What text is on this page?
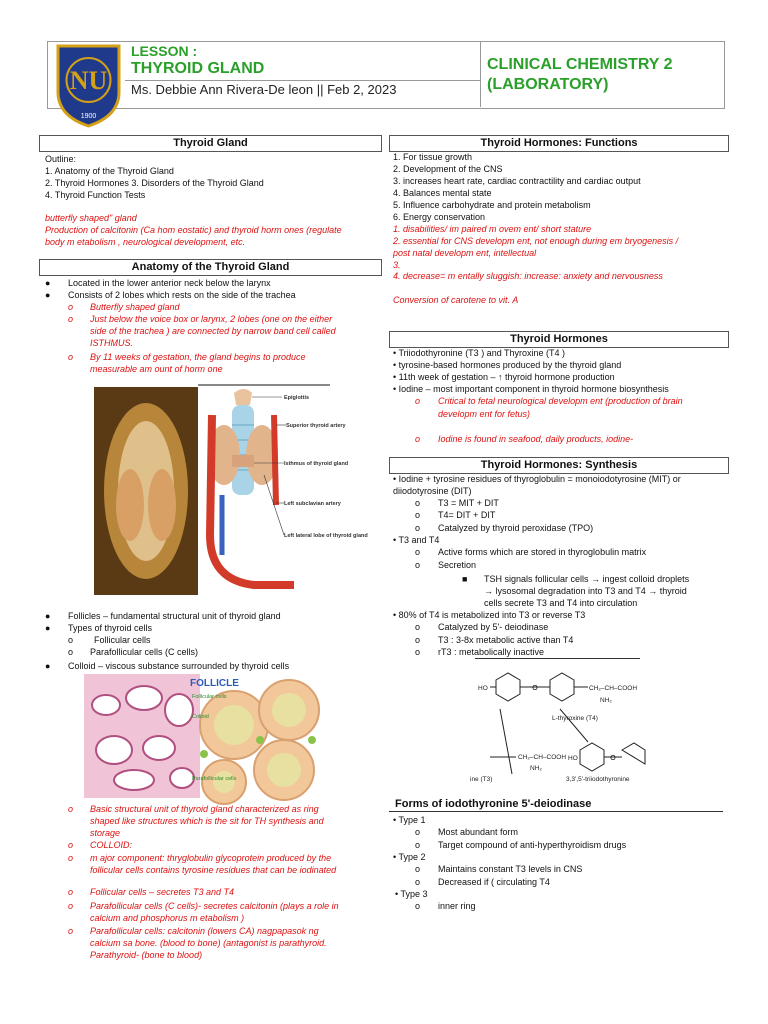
NU
1900
LESSON :
THYROID GLAND
Ms. Debbie Ann Rivera-De leon || Feb 2, 2023
CLINICAL CHEMISTRY 2
(LABORATORY)
Thyroid Gland
Outline:
1. Anatomy of the Thyroid Gland
2. Thyroid Hormones 3. Disorders of the Thyroid Gland
4. Thyroid Function Tests
butterfly shaped" gland
Production of calcitonin (Ca hom eostatic) and thyroid horm ones (regulate
body m etabolism , neurological development, etc.
Anatomy of the Thyroid Gland
● Located in the lower anterior neck below the larynx
● Consists of 2 lobes which rests on the side of the trachea
o Butterfly shaped gland
o Just below the voice box or larynx, 2 lobes (one on the either
side of the trachea ) are connected by narrow band cell called
ISTHMUS.
o By 11 weeks of gestation, the gland begins to produce
measurable am ount of horm one
Epiglottis
Superior thyroid artery
Isthmus of thyroid gland
Left subclavian artery
Left lateral lobe of thyroid gland
● Follicles – fundamental structural unit of thyroid gland
● Types of thyroid cells
o Follicular cells
o Parafollicular cells (C cells)
● Colloid – viscous substance surrounded by thyroid cells
FOLLICLE
Follicular cells
Colloid
Parafollicular cells
o Basic structural unit of thyroid gland characterized as ring
shaped like structures which is the sit for TH synthesis and
storage
o COLLOID:
o m ajor component: thryglobulin glycoprotein produced by the
follicular cells contains tyrosine residues that can be iodinated
o Follicular cells – secretes T3 and T4
o Parafollicular cells (C cells)- secretes calcitonin (plays a role in
calcium and phosphorus m etabolism )
o Parafollicular cells: calcitonin (lowers CA) nagpapasok ng
calcium sa bone. (blood to bone) (antagonist is parathyroid.
Parathyroid- (bone to blood)
Thyroid Hormones: Functions
1. For tissue growth
2. Development of the CNS
3. increases heart rate, cardiac contractility and cardiac output
4. Balances mental state
5. Influence carbohydrate and protein metabolism
6. Energy conservation
1. disabilities/ im paired m ovem ent/ short stature
2. essential for CNS developm ent, not enough during em bryogenesis /
post natal developm ent, intellectual
3.
4. decrease= m entally sluggish: increase: anxiety and nervousness
Conversion of carotene to vit. A
Thyroid Hormones
• Triiodothyronine (T3 ) and Thyroxine (T4 )
• tyrosine-based hormones produced by the thyroid gland
• 11th week of gestation – ↑ thyroid hormone production
• Iodine – most important component in thyroid hormone biosynthesis
o Critical to fetal neurological developm ent (production of brain
developm ent for fetus)
o Iodine is found in seafood, daily products, iodine-
Thyroid Hormones: Synthesis
• Iodine + tyrosine residues of thyroglobulin = monoiodotyrosine (MIT) or
diiodotyrosine (DIT)
o T3 = MIT + DIT
o T4= DIT + DIT
o Catalyzed by thyroid peroxidase (TPO)
• T3 and T4
o Active forms which are stored in thyroglobulin matrix
o Secretion
■ TSH signals follicular cells → ingest colloid droplets
→ lysosomal degradation into T3 and T4 → thyroid
cells secrete T3 and T4 into circulation
• 80% of T4 is metabolized into T3 or reverse T3
o Catalyzed by 5'- deiodinase
o T3 : 3-8x metabolic active than T4
o rT3 : metabolically inactive
O
O
HO	CH₂–CH–COOH
NH₂
L-thyroxine (T4)
CH₂–CH–COOH
NH₂
HO
ine (T3)	3,3',5'-triiodothyronine
Forms of iodothyronine 5'-deiodinase
• Type 1
o Most abundant form
o Target compound of anti-hyperthyroidism drugs
• Type 2
o Maintains constant T3 levels in CNS
o Decreased if ( circulating T4
• Type 3
o inner ring
